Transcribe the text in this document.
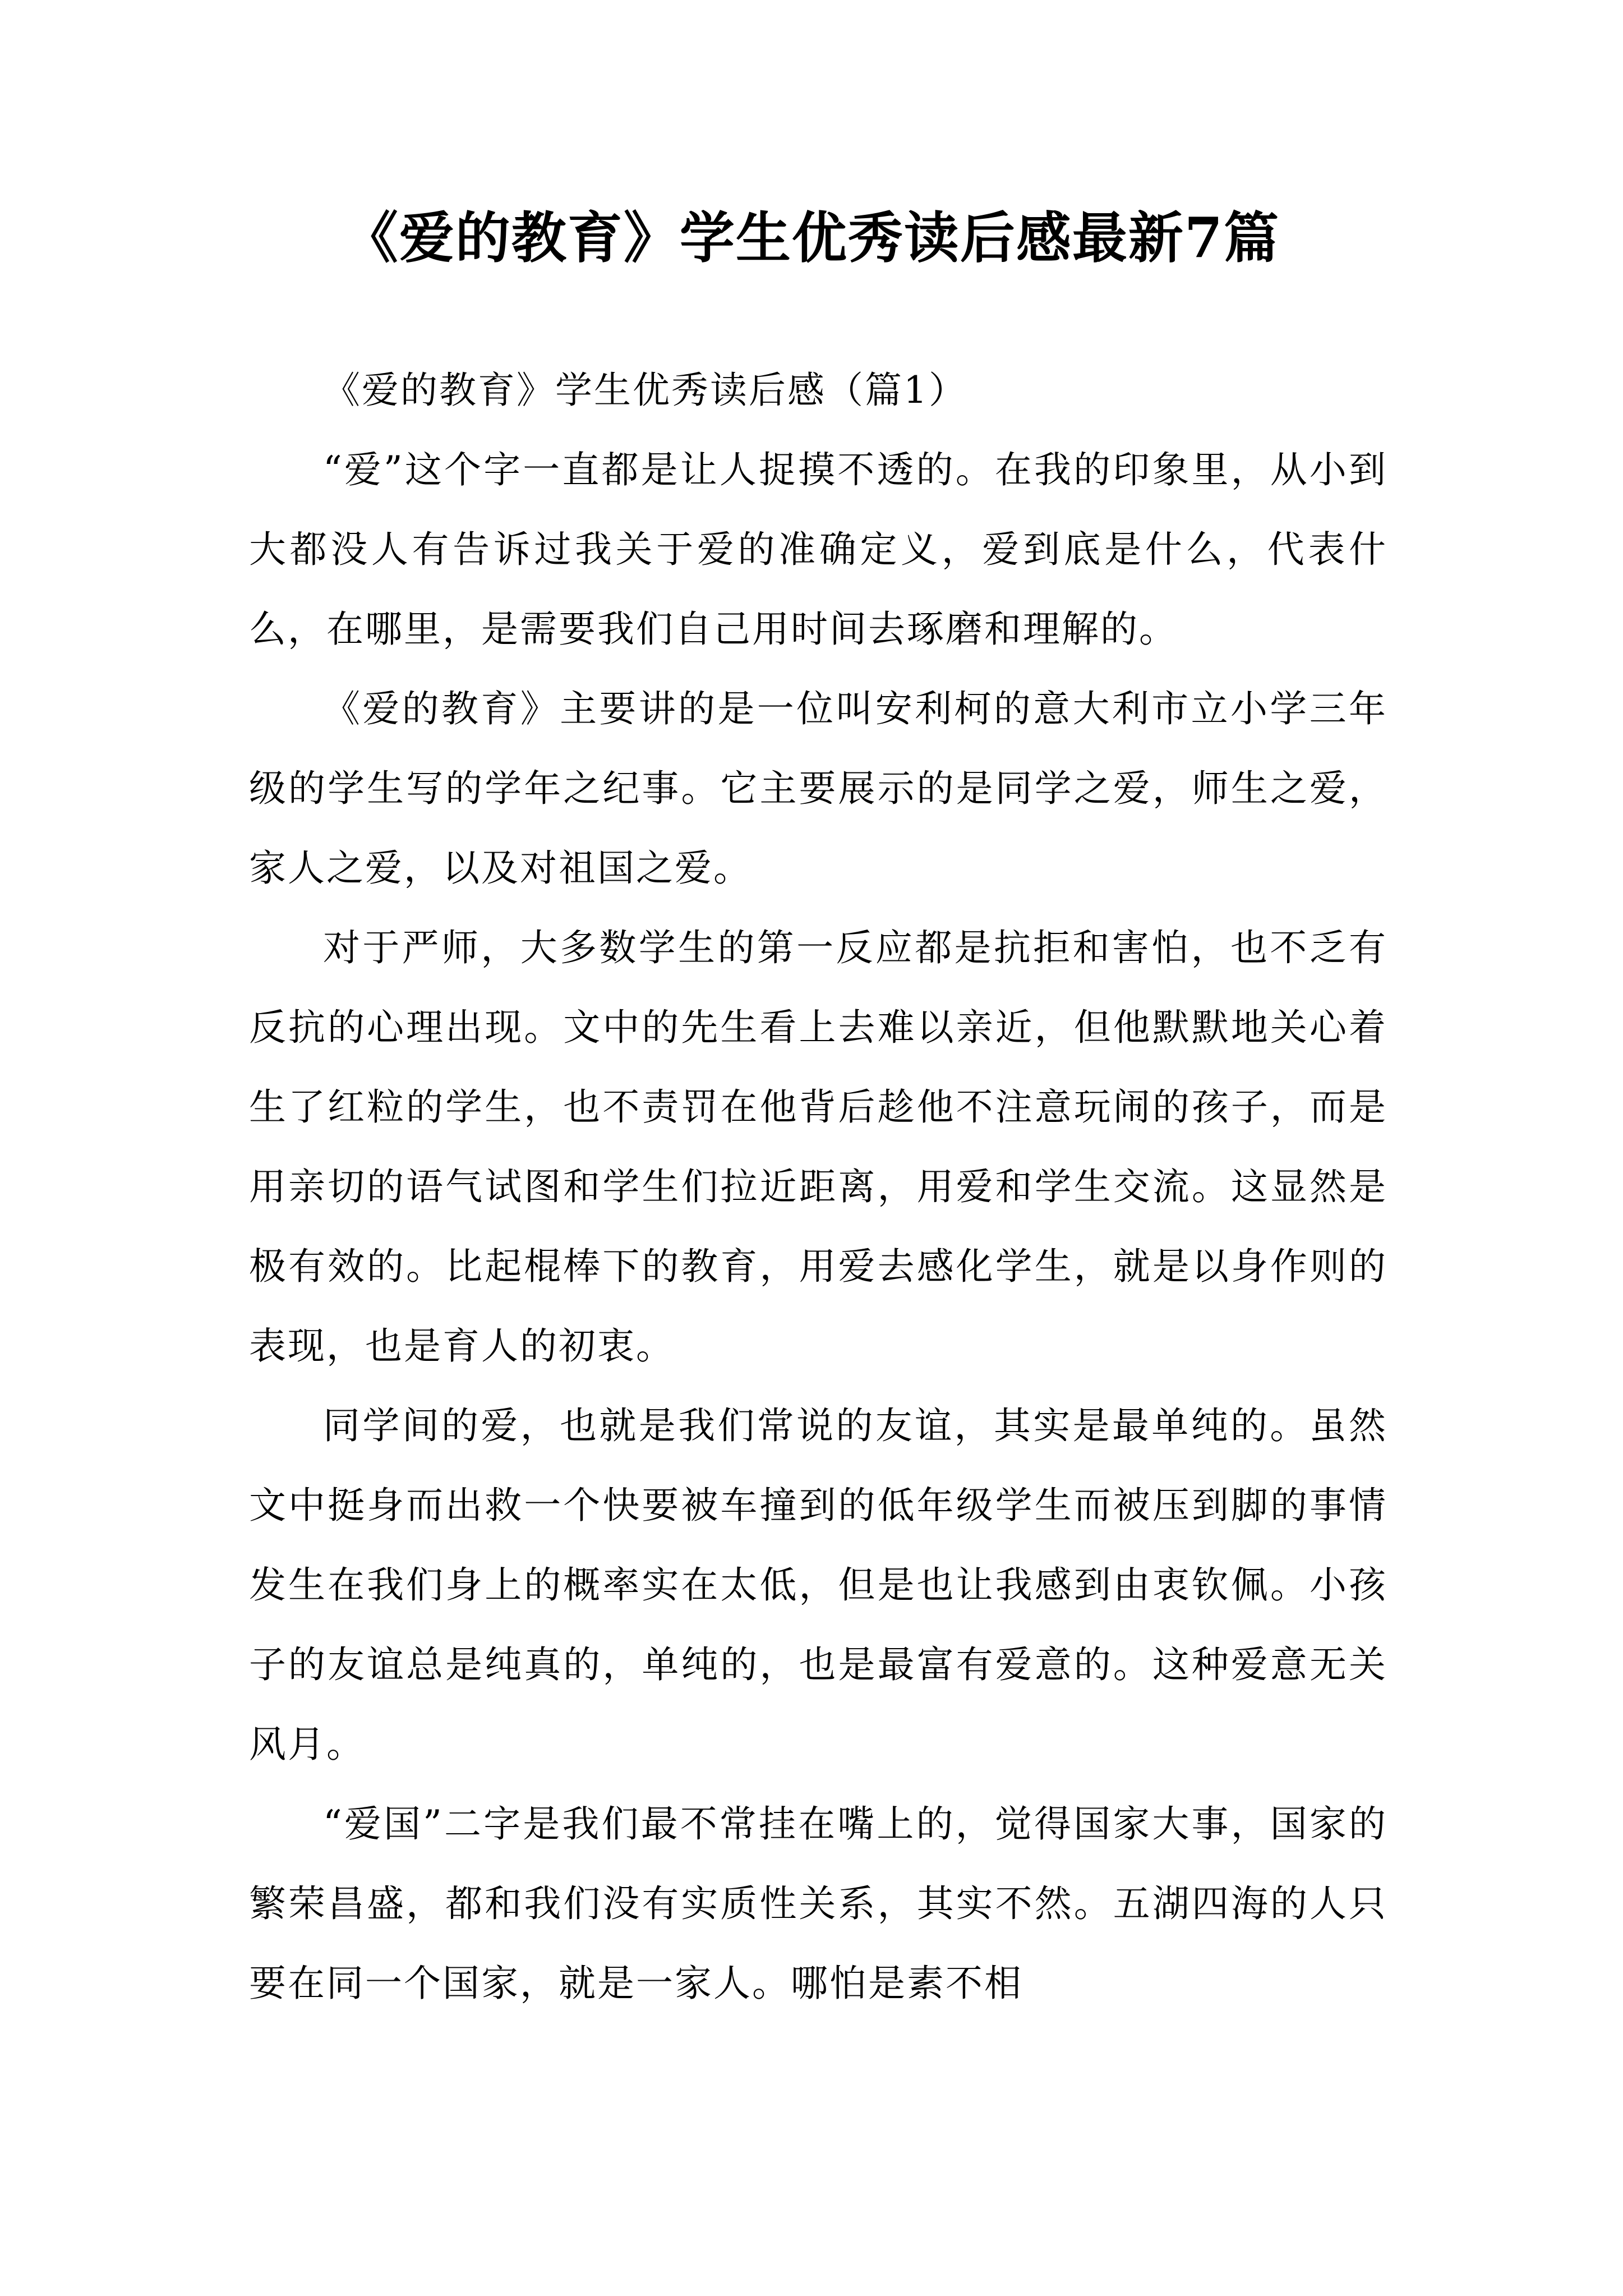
《爱的教育》学生优秀读后感最新7篇

《爱的教育》学生优秀读后感（篇1）

“爱”这个字一直都是让人捉摸不透的。在我的印象里，从小到大都没人有告诉过我关于爱的准确定义，爱到底是什么，代表什么，在哪里，是需要我们自己用时间去琢磨和理解的。

《爱的教育》主要讲的是一位叫安利柯的意大利市立小学三年级的学生写的学年之纪事。它主要展示的是同学之爱，师生之爱，家人之爱，以及对祖国之爱。

对于严师，大多数学生的第一反应都是抗拒和害怕，也不乏有反抗的心理出现。文中的先生看上去难以亲近，但他默默地关心着生了红粒的学生，也不责罚在他背后趁他不注意玩闹的孩子，而是用亲切的语气试图和学生们拉近距离，用爱和学生交流。这显然是极有效的。比起棍棒下的教育，用爱去感化学生，就是以身作则的表现，也是育人的初衷。

同学间的爱，也就是我们常说的友谊，其实是最单纯的。虽然文中挺身而出救一个快要被车撞到的低年级学生而被压到脚的事情发生在我们身上的概率实在太低，但是也让我感到由衷钦佩。小孩子的友谊总是纯真的，单纯的，也是最富有爱意的。这种爱意无关风月。

“爱国”二字是我们最不常挂在嘴上的，觉得国家大事，国家的繁荣昌盛，都和我们没有实质性关系，其实不然。五湖四海的人只要在同一个国家，就是一家人。哪怕是素不相
